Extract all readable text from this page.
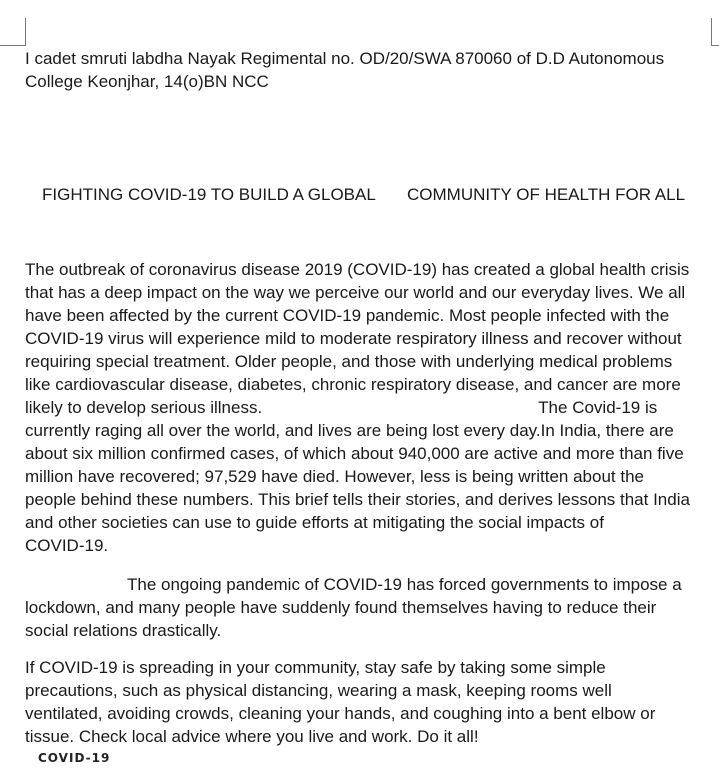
I cadet smruti labdha Nayak Regimental no. OD/20/SWA 870060 of D.D Autonomous
College Keonjhar, 14(o)BN NCC
FIGHTING COVID-19 TO BUILD A GLOBAL COMMUNITY OF HEALTH FOR ALL
The outbreak of coronavirus disease 2019 (COVID-19) has created a global health crisis
that has a deep impact on the way we perceive our world and our everyday lives. We all
have been affected by the current COVID-19 pandemic. Most people infected with the
COVID-19 virus will experience mild to moderate respiratory illness and recover without
requiring special treatment. Older people, and those with underlying medical problems
like cardiovascular disease, diabetes, chronic respiratory disease, and cancer are more
likely to develop serious illness.	The Covid-19 is
currently raging all over the world, and lives are being lost every day.In India, there are
about six million confirmed cases, of which about 940,000 are active and more than five
million have recovered; 97,529 have died. However, less is being written about the
people behind these numbers. This brief tells their stories, and derives lessons that India
and other societies can use to guide efforts at mitigating the social impacts of
COVID-19.
The ongoing pandemic of COVID-19 has forced governments to impose a
lockdown, and many people have suddenly found themselves having to reduce their
social relations drastically.
If COVID-19 is spreading in your community, stay safe by taking some simple
precautions, such as physical distancing, wearing a mask, keeping rooms well
ventilated, avoiding crowds, cleaning your hands, and coughing into a bent elbow or
tissue. Check local advice where you live and work. Do it all!
COVID-19
